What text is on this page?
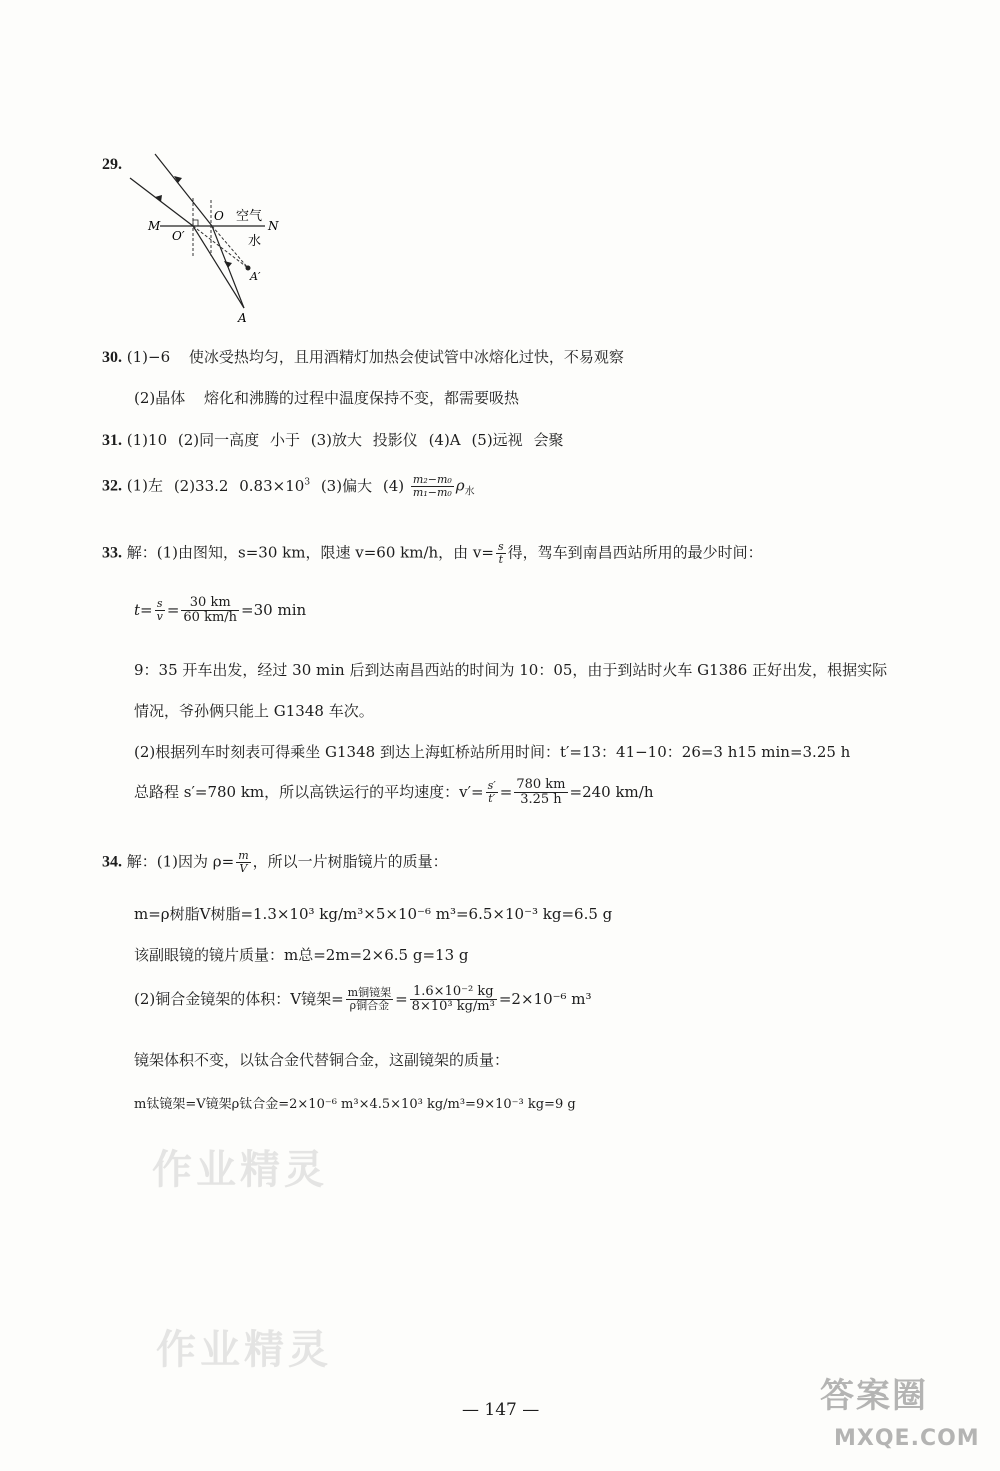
29.
M	N
O
O′
空气
水
A′
A
30. (1)−6 使冰受热均匀，且用酒精灯加热会使试管中冰熔化过快，不易观察
(2)晶体 熔化和沸腾的过程中温度保持不变，都需要吸热
31. (1)10 (2)同一高度 小于 (3)放大 投影仪 (4)A (5)远视 会聚
32. (1)左 (2)33.2 $0.83\times 10^3$ (3)偏大 $(4) \frac{\text{m₂−m₀}}{\text{m₁−m₀}} \rho_水$
33. 解：(1)由图知，s=30 km，限速 v=60 km/h，由 $v= \frac{s}{t}$ 得，驾车到南昌西站所用的最少时间：
$t= \frac{s}{v} = \frac{30 km}{60 km/h} =30$ min
9：35 开车出发，经过 30 min 后到达南昌西站的时间为 10：05，由于到站时火车 G1386 正好出发，根据实际
情况，爷孙俩只能上 G1348 车次。
(2)根据列车时刻表可得乘坐 G1348 到达上海虹桥站所用时间：t′=13：41−10：26=3 h15 min=3.25 h
总路程 s′=780 km，所以高铁运行的平均速度：$v'= \frac{s'}{t'} = \frac{780 km}{3.25 h} =240$ km/h
34. 解：(1)因为 $\rho= \frac{m}{V}$ ，所以一片树脂镜片的质量：
m=ρ树脂V树脂=1.3×10³ kg/m³×5×10⁻⁶ m³=6.5×10⁻³ kg=6.5 g
该副眼镜的镜片质量：m总=2m=2×6.5 g=13 g
(2)铜合金镜架的体积：V镜架= $\frac{\text{m铜镜架}}{\text{ρ铜合金}} = \frac{\text{1.6×10⁻² kg}}{\text{8×10³ kg/m³}} =2\times 10^{-6}$ m³
镜架体积不变，以钛合金代替铜合金，这副镜架的质量：
m钛镜架=V镜架ρ钛合金=2×10⁻⁶ m³×4.5×10³ kg/m³=9×10⁻³ kg=9 g
作业精灵
作业精灵
— 147 —	答案圈
MXQE.COM
